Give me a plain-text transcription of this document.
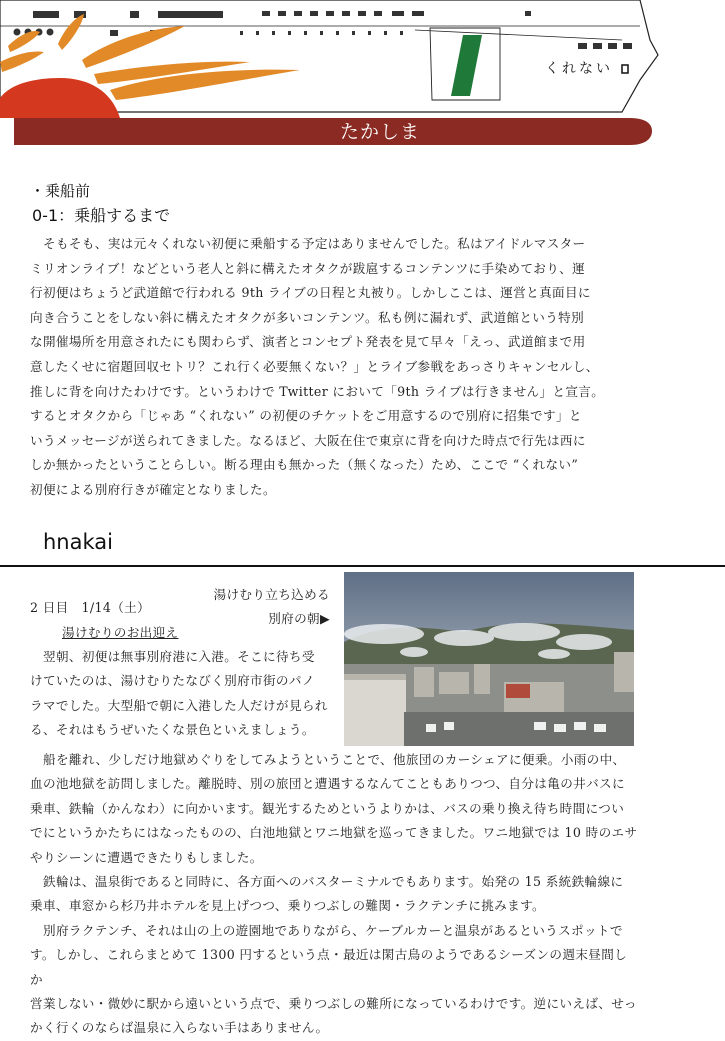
たかしま
くれない
・乗船前
0-1：乗船するまで
そもそも、実は元々くれない初便に乗船する予定はありませんでした。私はアイドルマスター
ミリオンライブ！などという老人と斜に構えたオタクが跋扈するコンテンツに手染めており、運
行初便はちょうど武道館で行われる 9th ライブの日程と丸被り。しかしここは、運営と真面目に
向き合うことをしない斜に構えたオタクが多いコンテンツ。私も例に漏れず、武道館という特別
な開催場所を用意されたにも関わらず、演者とコンセプト発表を見て早々「えっ、武道館まで用
意したくせに宿題回収セトリ？これ行く必要無くない？」とライブ参戦をあっさりキャンセルし、
推しに背を向けたわけです。というわけで Twitter において「9th ライブは行きません」と宣言。
するとオタクから「じゃあ “くれない” の初便のチケットをご用意するので別府に招集です」と
いうメッセージが送られてきました。なるほど、大阪在住で東京に背を向けた時点で行先は西に
しか無かったということらしい。断る理由も無かった（無くなった）ため、ここで “くれない”
初便による別府行きが確定となりました。
hnakai
2 日目　1/14（土）
湯けむりのお出迎え
湯けむり立ち込める
別府の朝▶
翌朝、初便は無事別府港に入港。そこに待ち受
けていたのは、湯けむりたなびく別府市街のパノ
ラマでした。大型船で朝に入港した人だけが見られ
る、それはもうぜいたくな景色といえましょう。
船を離れ、少しだけ地獄めぐりをしてみようということで、他旅団のカーシェアに便乗。小雨の中、
血の池地獄を訪問しました。離脱時、別の旅団と遭遇するなんてこともありつつ、自分は亀の井バスに
乗車、鉄輪（かんなわ）に向かいます。観光するためというよりかは、バスの乗り換え待ち時間につい
でにというかたちにはなったものの、白池地獄とワニ地獄を巡ってきました。ワニ地獄では 10 時のエサ
やりシーンに遭遇できたりもしました。
鉄輪は、温泉街であると同時に、各方面へのバスターミナルでもあります。始発の 15 系統鉄輪線に
乗車、車窓から杉乃井ホテルを見上げつつ、乗りつぶしの難関・ラクテンチに挑みます。
別府ラクテンチ、それは山の上の遊園地でありながら、ケーブルカーと温泉があるというスポットで
す。しかし、これらまとめて 1300 円するという点・最近は閑古鳥のようであるシーズンの週末昼間しか
営業しない・微妙に駅から遠いという点で、乗りつぶしの難所になっているわけです。逆にいえば、せっ
かく行くのならば温泉に入らない手はありません。
